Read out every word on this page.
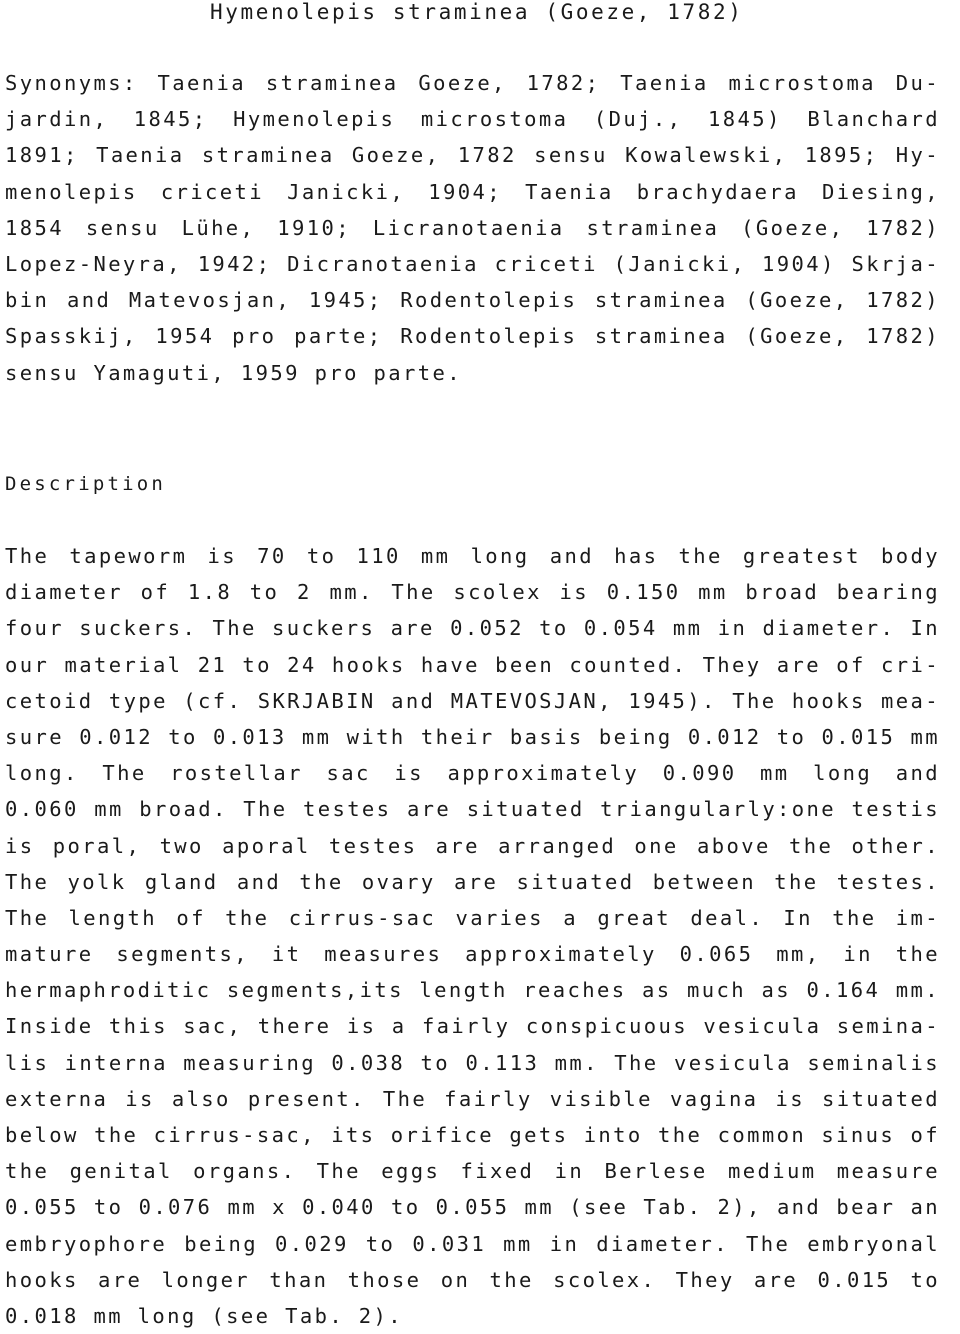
Hymenolepis straminea (Goeze, 1782)
Synonyms: Taenia straminea Goeze, 1782; Taenia microstoma Du-
jardin, 1845; Hymenolepis microstoma (Duj., 1845) Blanchard
1891; Taenia straminea Goeze, 1782 sensu Kowalewski, 1895; Hy-
menolepis criceti Janicki, 1904; Taenia brachydaera Diesing,
1854 sensu Lühe, 1910; Licranotaenia straminea (Goeze, 1782)
Lopez-Neyra, 1942; Dicranotaenia criceti (Janicki, 1904) Skrja-
bin and Matevosjan, 1945; Rodentolepis straminea (Goeze, 1782)
Spasskij, 1954 pro parte; Rodentolepis straminea (Goeze, 1782)
sensu Yamaguti, 1959 pro parte.
Description
The tapeworm is 70 to 110 mm long and has the greatest body
diameter of 1.8 to 2 mm. The scolex is 0.150 mm broad bearing
four suckers. The suckers are 0.052 to 0.054 mm in diameter. In
our material 21 to 24 hooks have been counted. They are of cri-
cetoid type (cf. SKRJABIN and MATEVOSJAN, 1945). The hooks mea-
sure 0.012 to 0.013 mm with their basis being 0.012 to 0.015 mm
long. The rostellar sac is approximately 0.090 mm long and
0.060 mm broad. The testes are situated triangularly:one testis
is poral, two aporal testes are arranged one above the other.
The yolk gland and the ovary are situated between the testes.
The length of the cirrus-sac varies a great deal. In the im-
mature segments, it measures approximately 0.065 mm, in the
hermaphroditic segments,its length reaches as much as 0.164 mm.
Inside this sac, there is a fairly conspicuous vesicula semina-
lis interna measuring 0.038 to 0.113 mm. The vesicula seminalis
externa is also present. The fairly visible vagina is situated
below the cirrus-sac, its orifice gets into the common sinus of
the genital organs. The eggs fixed in Berlese medium measure
0.055 to 0.076 mm x 0.040 to 0.055 mm (see Tab. 2), and bear an
embryophore being 0.029 to 0.031 mm in diameter. The embryonal
hooks are longer than those on the scolex. They are 0.015 to
0.018 mm long (see Tab. 2).
